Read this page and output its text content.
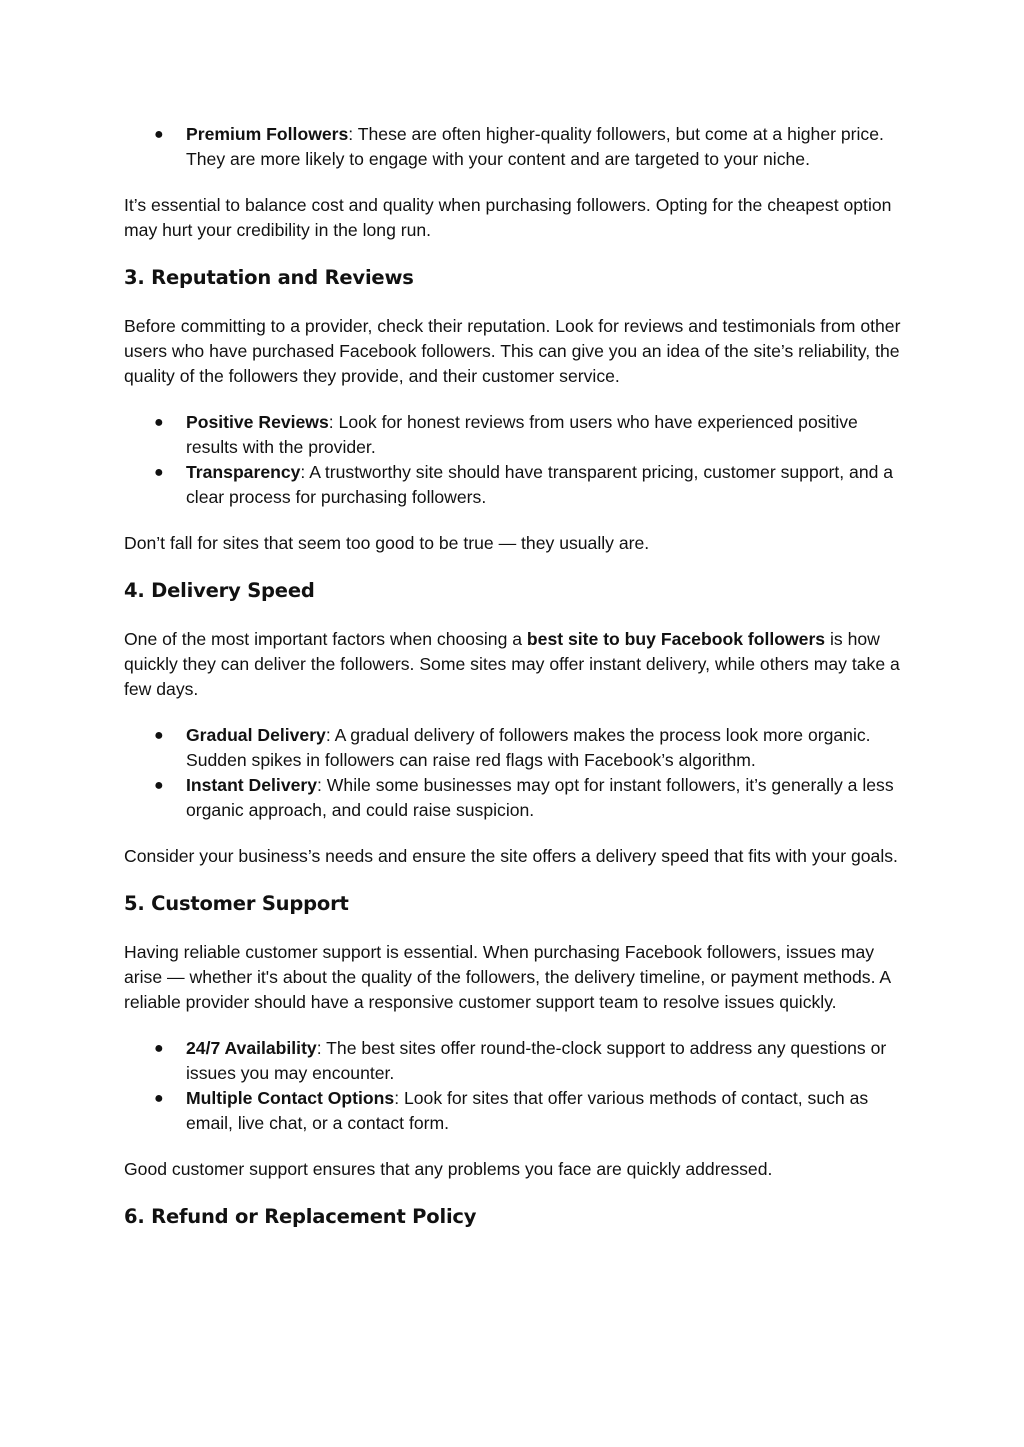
● Premium Followers: These are often higher-quality followers, but come at a higher price. They are more likely to engage with your content and are targeted to your niche.

It’s essential to balance cost and quality when purchasing followers. Opting for the cheapest option may hurt your credibility in the long run.

3. Reputation and Reviews

Before committing to a provider, check their reputation. Look for reviews and testimonials from other users who have purchased Facebook followers. This can give you an idea of the site’s reliability, the quality of the followers they provide, and their customer service.

● Positive Reviews: Look for honest reviews from users who have experienced positive results with the provider.
● Transparency: A trustworthy site should have transparent pricing, customer support, and a clear process for purchasing followers.

Don’t fall for sites that seem too good to be true — they usually are.

4. Delivery Speed

One of the most important factors when choosing a best site to buy Facebook followers is how quickly they can deliver the followers. Some sites may offer instant delivery, while others may take a few days.

● Gradual Delivery: A gradual delivery of followers makes the process look more organic. Sudden spikes in followers can raise red flags with Facebook’s algorithm.
● Instant Delivery: While some businesses may opt for instant followers, it’s generally a less organic approach, and could raise suspicion.

Consider your business’s needs and ensure the site offers a delivery speed that fits with your goals.

5. Customer Support

Having reliable customer support is essential. When purchasing Facebook followers, issues may arise — whether it's about the quality of the followers, the delivery timeline, or payment methods. A reliable provider should have a responsive customer support team to resolve issues quickly.

● 24/7 Availability: The best sites offer round-the-clock support to address any questions or issues you may encounter.
● Multiple Contact Options: Look for sites that offer various methods of contact, such as email, live chat, or a contact form.

Good customer support ensures that any problems you face are quickly addressed.

6. Refund or Replacement Policy
